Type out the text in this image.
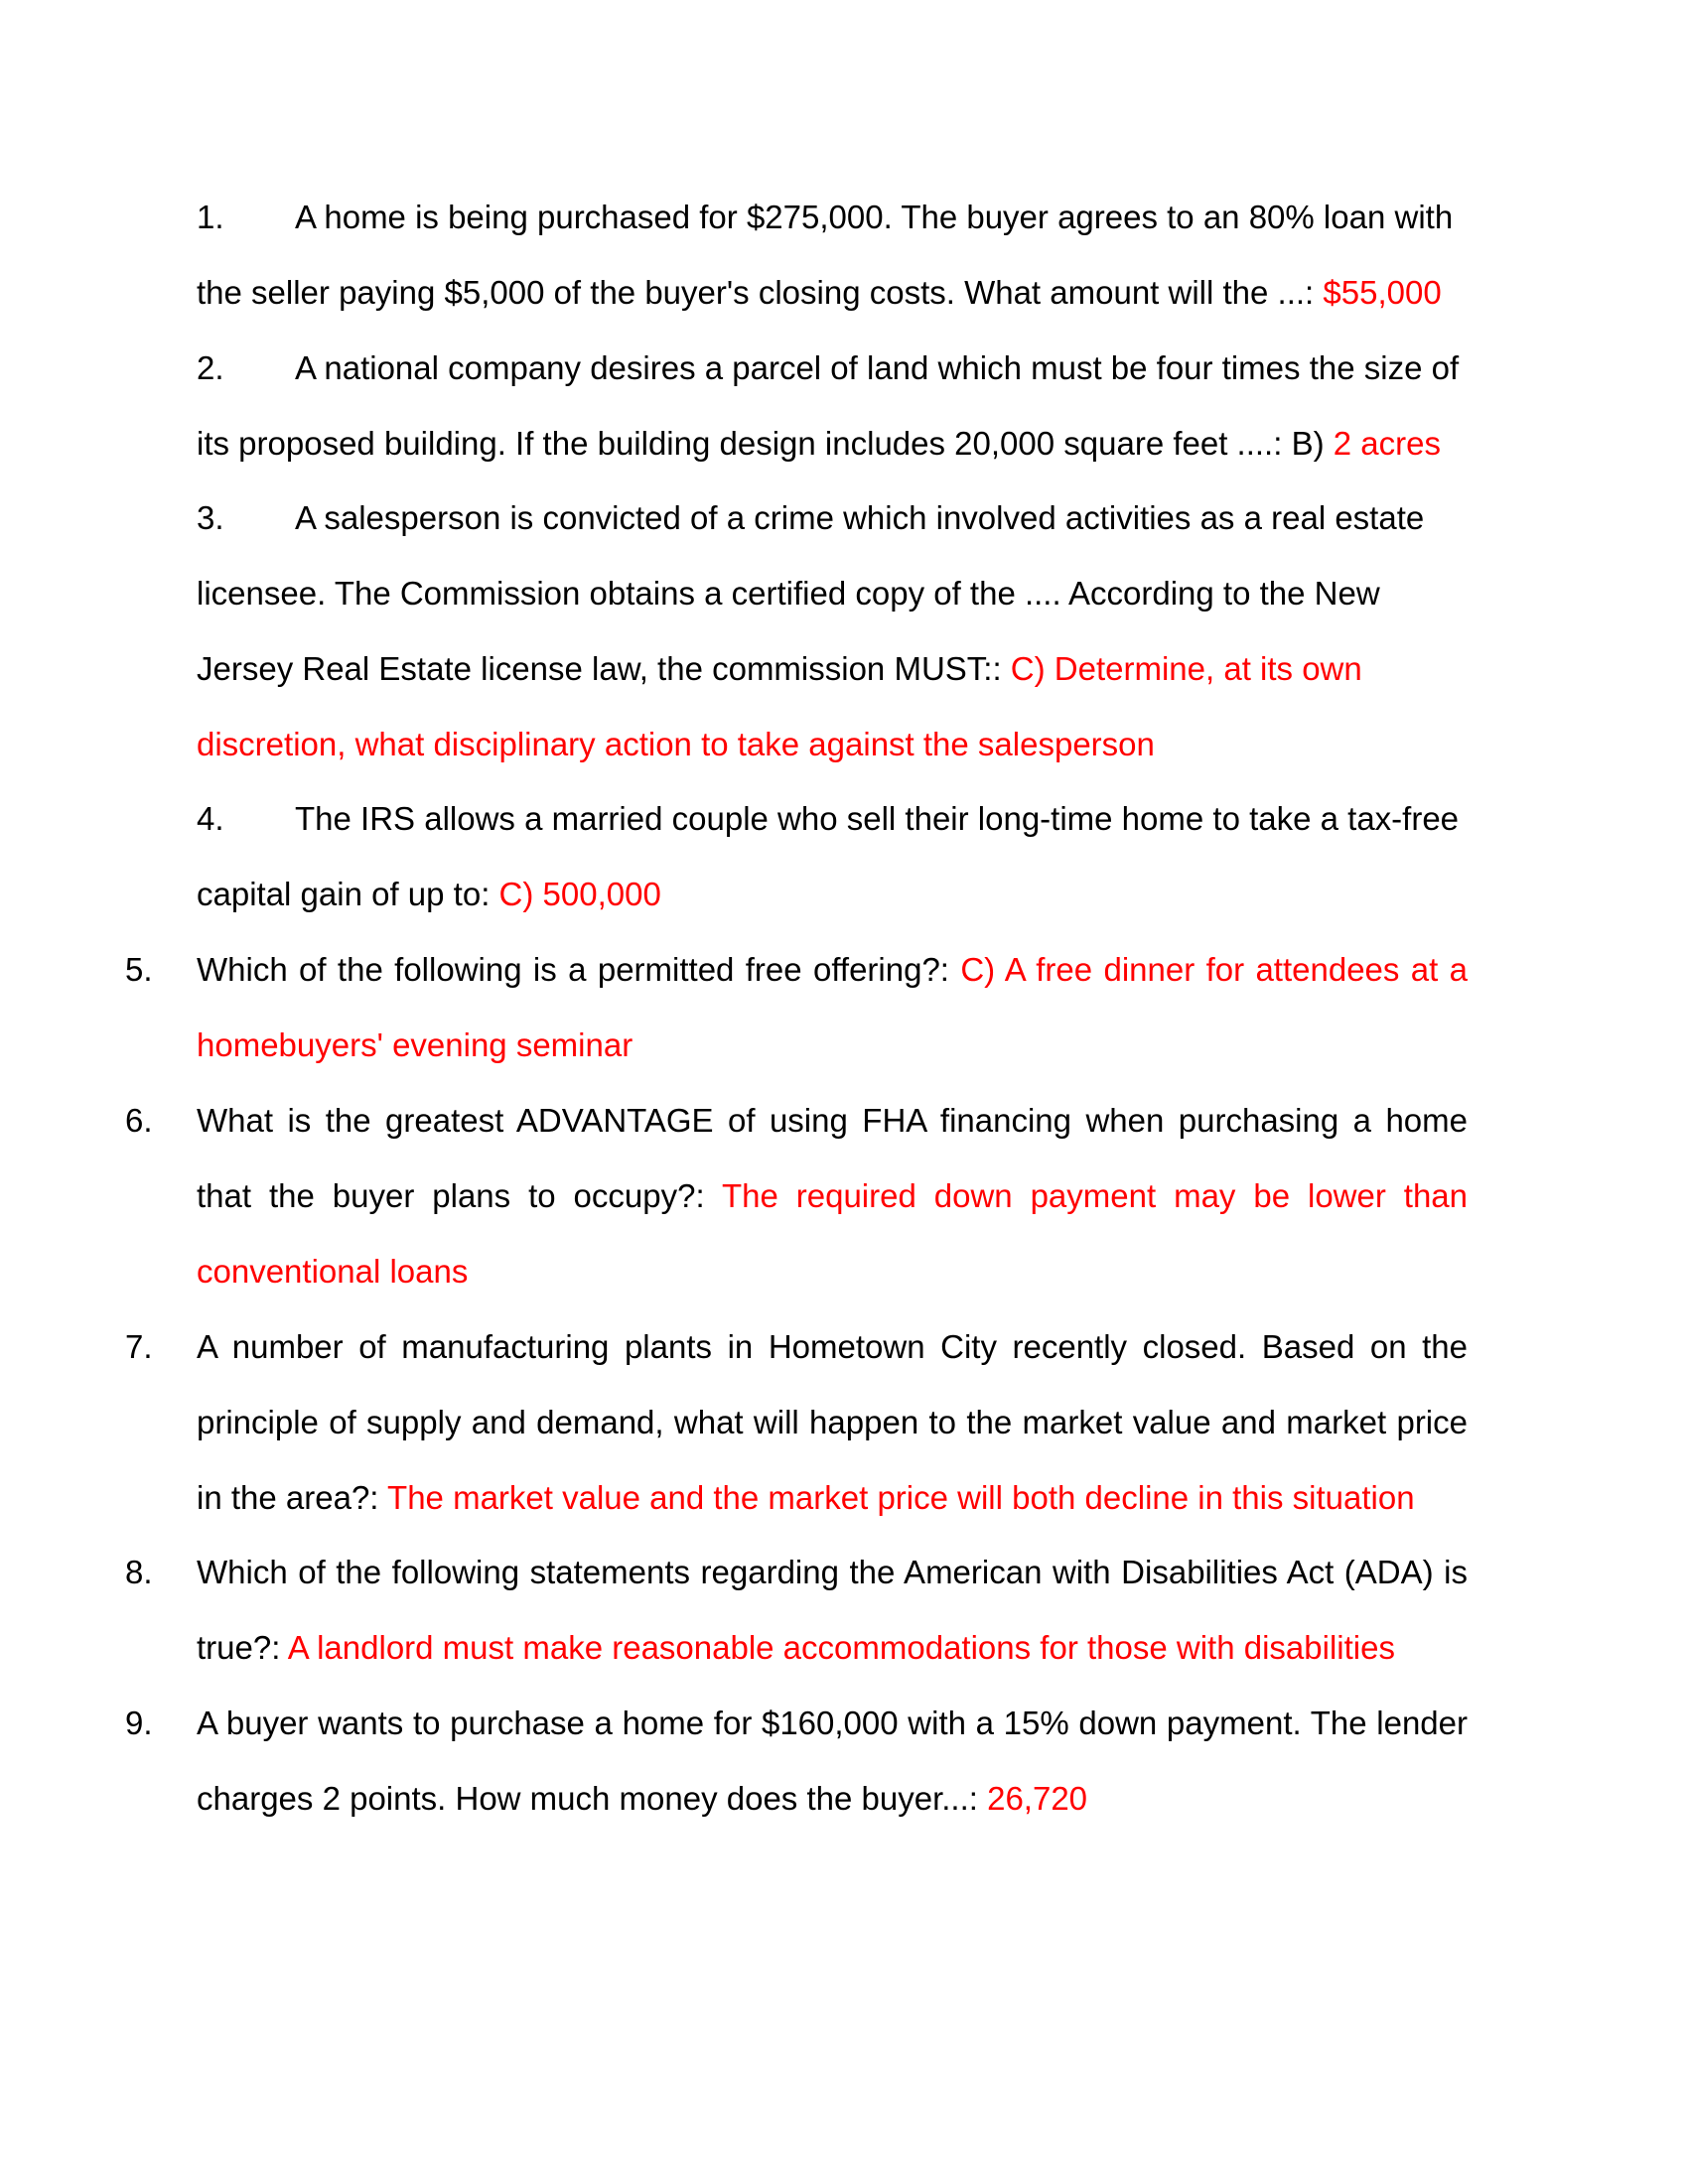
1.	A home is being purchased for $275,000. The buyer agrees to an 80% loan with the seller paying $5,000 of the buyer's closing costs. What amount will the ...: $55,000
2.	A national company desires a parcel of land which must be four times the size of its proposed building. If the building design includes 20,000 square feet ....: B) 2 acres
3.	A salesperson is convicted of a crime which involved activities as a real estate licensee. The Commission obtains a certified copy of the .... According to the New Jersey Real Estate license law, the commission MUST:: C) Determine, at its own discretion, what disciplinary action to take against the salesperson
4.	The IRS allows a married couple who sell their long-time home to take a tax-free capital gain of up to: C) 500,000
5. Which of the following is a permitted free offering?: C) A free dinner for attendees at a homebuyers' evening seminar
6. What is the greatest ADVANTAGE of using FHA financing when purchasing a home that the buyer plans to occupy?: The required down payment may be lower than conventional loans
7. A number of manufacturing plants in Hometown City recently closed. Based on the principle of supply and demand, what will happen to the market value and market price in the area?: The market value and the market price will both decline in this situation
8. Which of the following statements regarding the American with Disabilities Act (ADA) is true?: A landlord must make reasonable accommodations for those with disabilities
9. A buyer wants to purchase a home for $160,000 with a 15% down payment. The lender charges 2 points. How much money does the buyer...: 26,720
